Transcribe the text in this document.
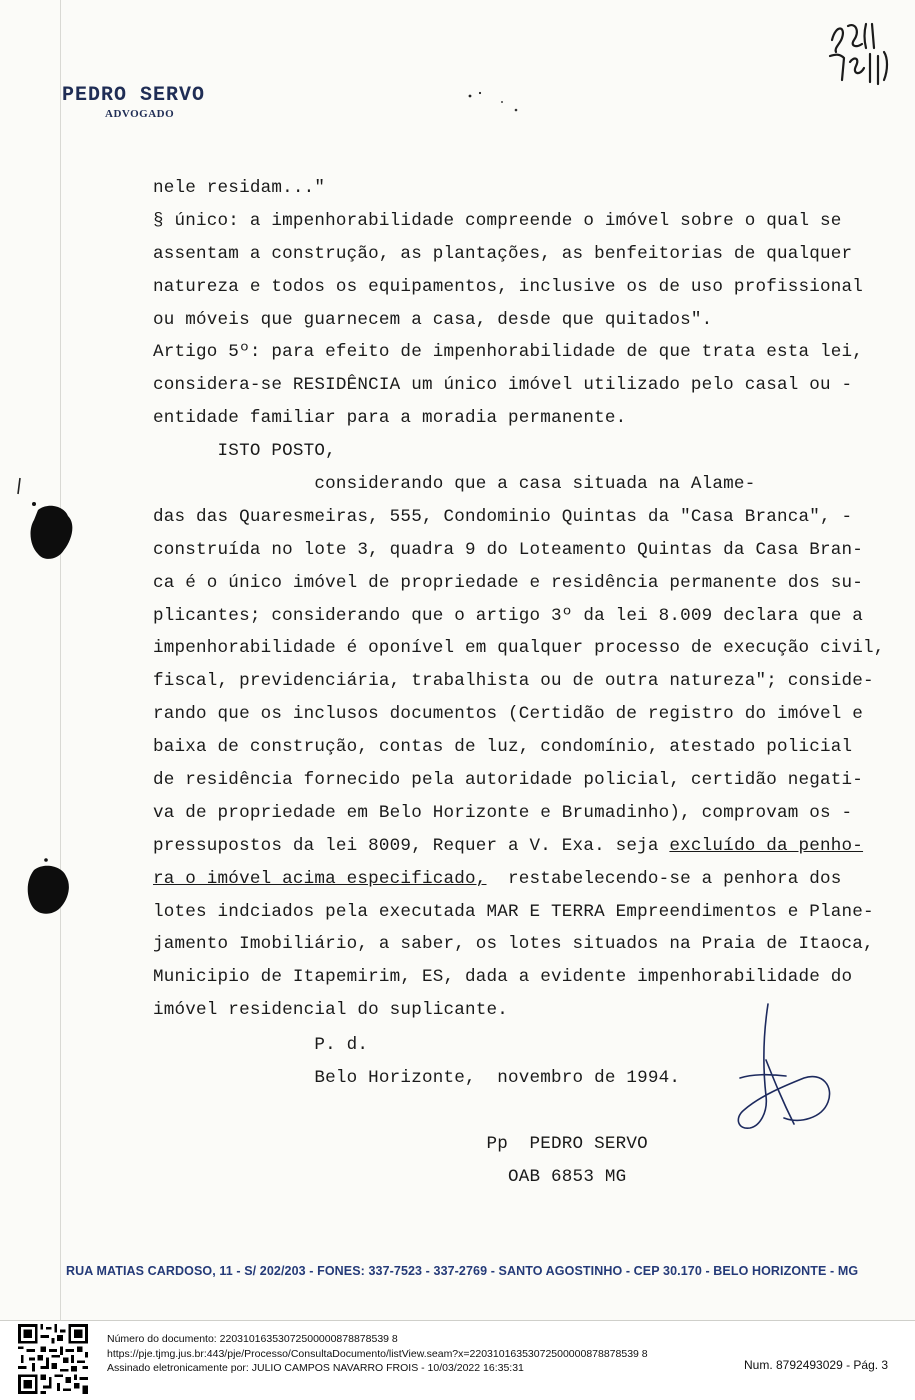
PEDRO SERVO
ADVOGADO
nele residam..."
§ único: a impenhorabilidade compreende o imóvel sobre o qual se
assentam a construção, as plantações, as benfeitorias de qualquer
natureza e todos os equipamentos, inclusive os de uso profissional
ou móveis que guarnecem a casa, desde que quitados".
Artigo 5º: para efeito de impenhorabilidade de que trata esta lei,
considera-se RESIDÊNCIA um único imóvel utilizado pelo casal ou -
entidade familiar para a moradia permanente.
ISTO POSTO,
considerando que a casa situada na Alame-
das das Quaresmeiras, 555, Condominio Quintas da "Casa Branca", -
construída no lote 3, quadra 9 do Loteamento Quintas da Casa Bran-
ca é o único imóvel de propriedade e residência permanente dos su-
plicantes; considerando que o artigo 3º da lei 8.009 declara que a
impenhorabilidade é oponível em qualquer processo de execução civil,
fiscal, previdenciária, trabalhista ou de outra natureza"; conside-
rando que os inclusos documentos (Certidão de registro do imóvel e
baixa de construção, contas de luz, condomínio, atestado policial
de residência fornecido pela autoridade policial, certidão negati-
va de propriedade em Belo Horizonte e Brumadinho), comprovam os -
pressupostos da lei 8009, Requer a V. Exa. seja excluído da penho-
ra o imóvel acima especificado,  restabelecendo-se a penhora dos
lotes indciados pela executada MAR E TERRA Empreendimentos e Plane-
jamento Imobiliário, a saber, os lotes situados na Praia de Itaoca,
Municipio de Itapemirim, ES, dada a evidente impenhorabilidade do
imóvel residencial do suplicante.
P. d.
Belo Horizonte,  novembro de 1994.
Pp  PEDRO SERVO
OAB 6853 MG
RUA MATIAS CARDOSO, 11 - S/ 202/203 - FONES: 337-7523 - 337-2769 - SANTO AGOSTINHO - CEP 30.170 - BELO HORIZONTE - MG
Número do documento: 22031016353072500000878878539 8
https://pje.tjmg.jus.br:443/pje/Processo/ConsultaDocumento/listView.seam?x=22031016353072500000878878539 8
Assinado eletronicamente por: JULIO CAMPOS NAVARRO FROIS - 10/03/2022 16:35:31	Num. 8792493029 - Pág. 3
